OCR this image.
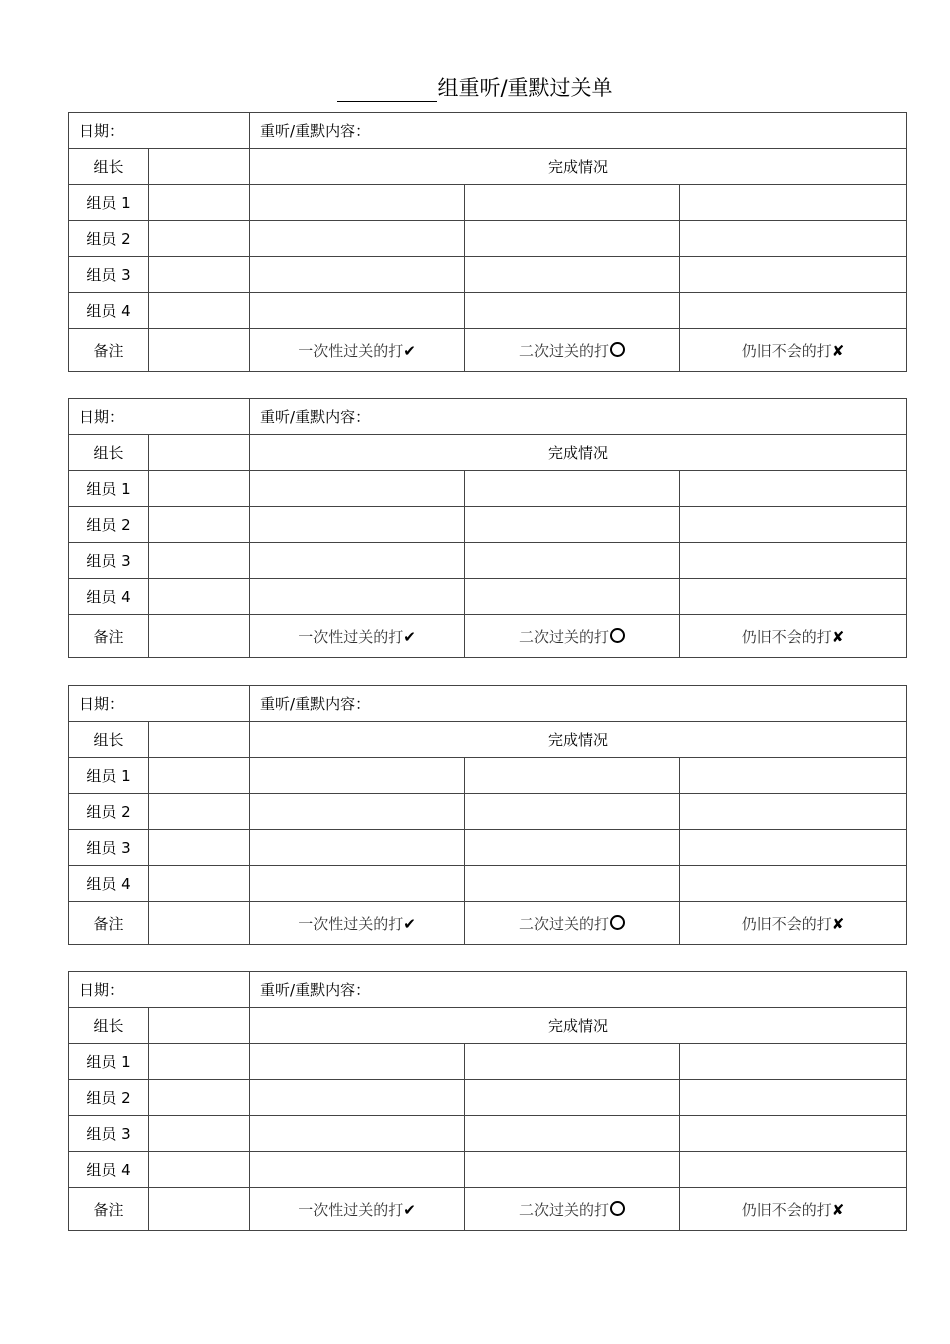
组重听/重默过关单
日期：		重听/重默内容：		
组长		完成情况		
组员 1				
组员 2				
组员 3				
组员 4				
备注		一次性过关的打✔	二次过关的打	仍旧不会的打✘
日期：		重听/重默内容：		
组长		完成情况		
组员 1				
组员 2				
组员 3				
组员 4				
备注		一次性过关的打✔	二次过关的打	仍旧不会的打✘
日期：		重听/重默内容：		
组长		完成情况		
组员 1				
组员 2				
组员 3				
组员 4				
备注		一次性过关的打✔	二次过关的打	仍旧不会的打✘
日期：		重听/重默内容：		
组长		完成情况		
组员 1				
组员 2				
组员 3				
组员 4				
备注		一次性过关的打✔	二次过关的打	仍旧不会的打✘
